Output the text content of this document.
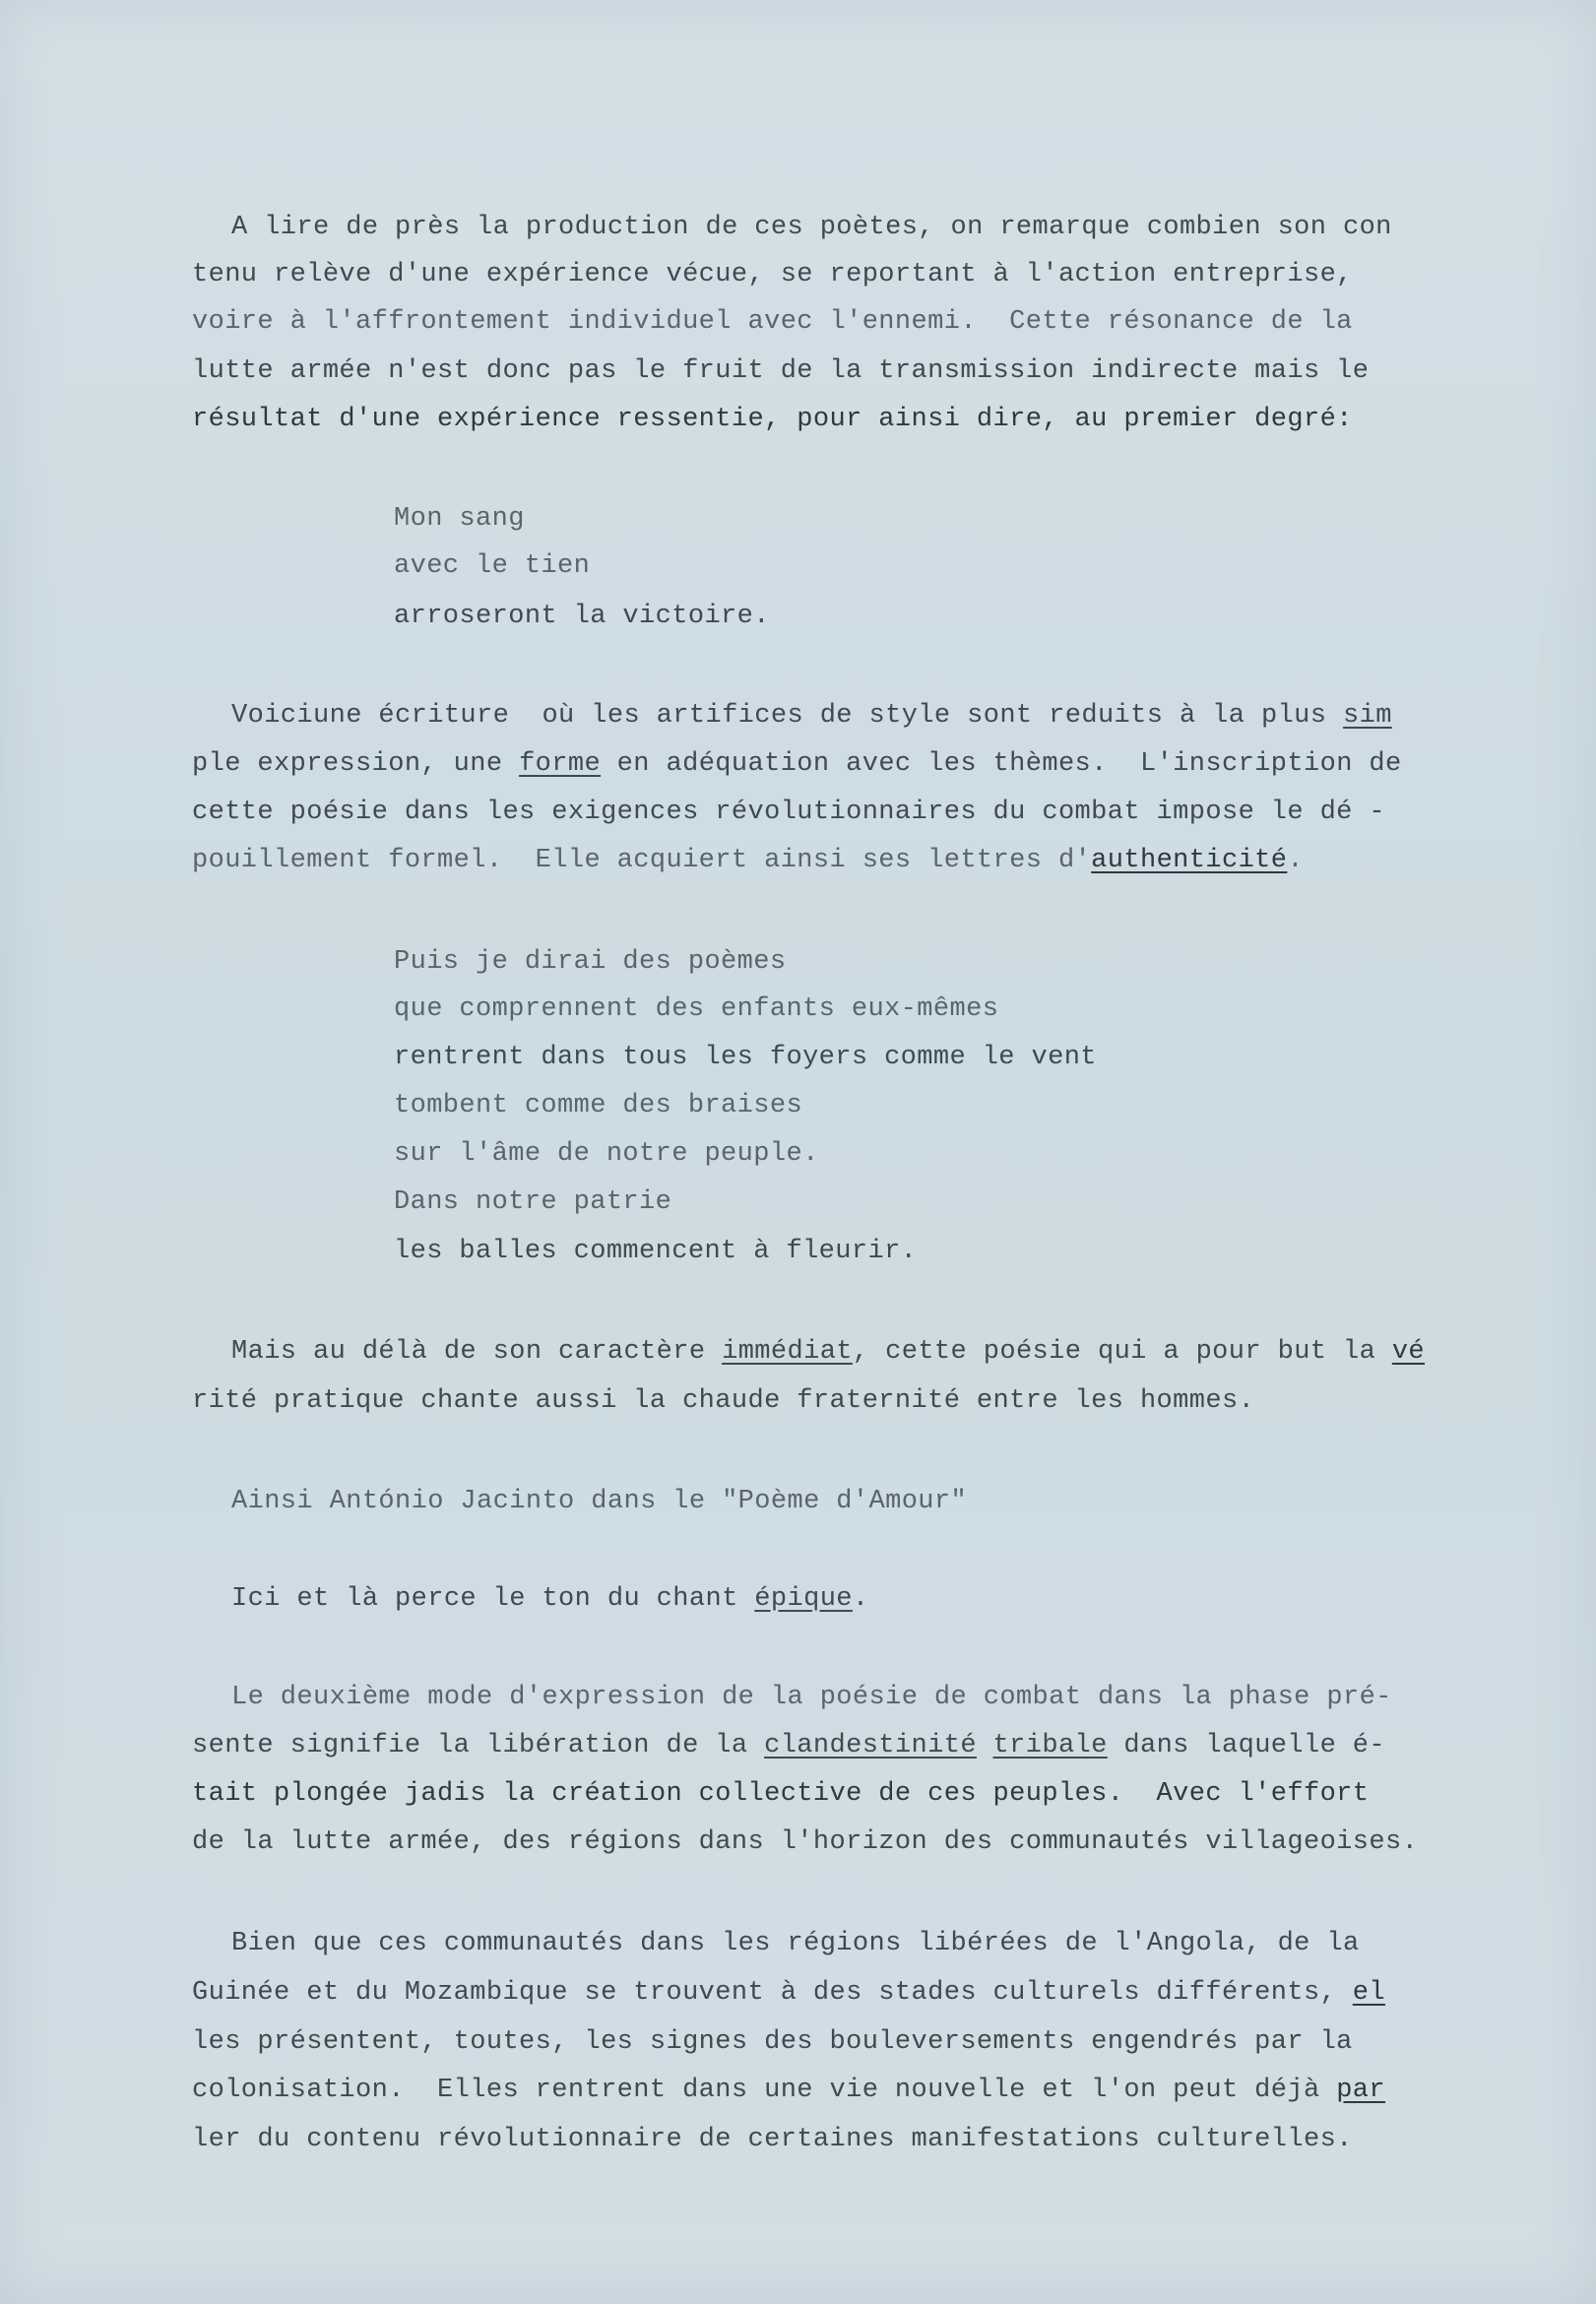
A lire de près la production de ces poètes, on remarque combien son con
tenu relève d'une expérience vécue, se reportant à l'action entreprise,
voire à l'affrontement individuel avec l'ennemi.  Cette résonance de la
lutte armée n'est donc pas le fruit de la transmission indirecte mais le
résultat d'une expérience ressentie, pour ainsi dire, au premier degré:
Mon sang
avec le tien
arroseront la victoire.
Voiciune écriture  où les artifices de style sont reduits à la plus sim
ple expression, une forme en adéquation avec les thèmes.  L'inscription de
cette poésie dans les exigences révolutionnaires du combat impose le dé -
pouillement formel.  Elle acquiert ainsi ses lettres d'authenticité.
Puis je dirai des poèmes
que comprennent des enfants eux-mêmes
rentrent dans tous les foyers comme le vent
tombent comme des braises
sur l'âme de notre peuple.
Dans notre patrie
les balles commencent à fleurir.
Mais au délà de son caractère immédiat, cette poésie qui a pour but la vé
rité pratique chante aussi la chaude fraternité entre les hommes.
Ainsi António Jacinto dans le "Poème d'Amour"
Ici et là perce le ton du chant épique.
Le deuxième mode d'expression de la poésie de combat dans la phase pré-
sente signifie la libération de la clandestinité tribale dans laquelle é-
tait plongée jadis la création collective de ces peuples.  Avec l'effort
de la lutte armée, des régions dans l'horizon des communautés villageoises.
Bien que ces communautés dans les régions libérées de l'Angola, de la
Guinée et du Mozambique se trouvent à des stades culturels différents, el
les présentent, toutes, les signes des bouleversements engendrés par la
colonisation.  Elles rentrent dans une vie nouvelle et l'on peut déjà par
ler du contenu révolutionnaire de certaines manifestations culturelles.
